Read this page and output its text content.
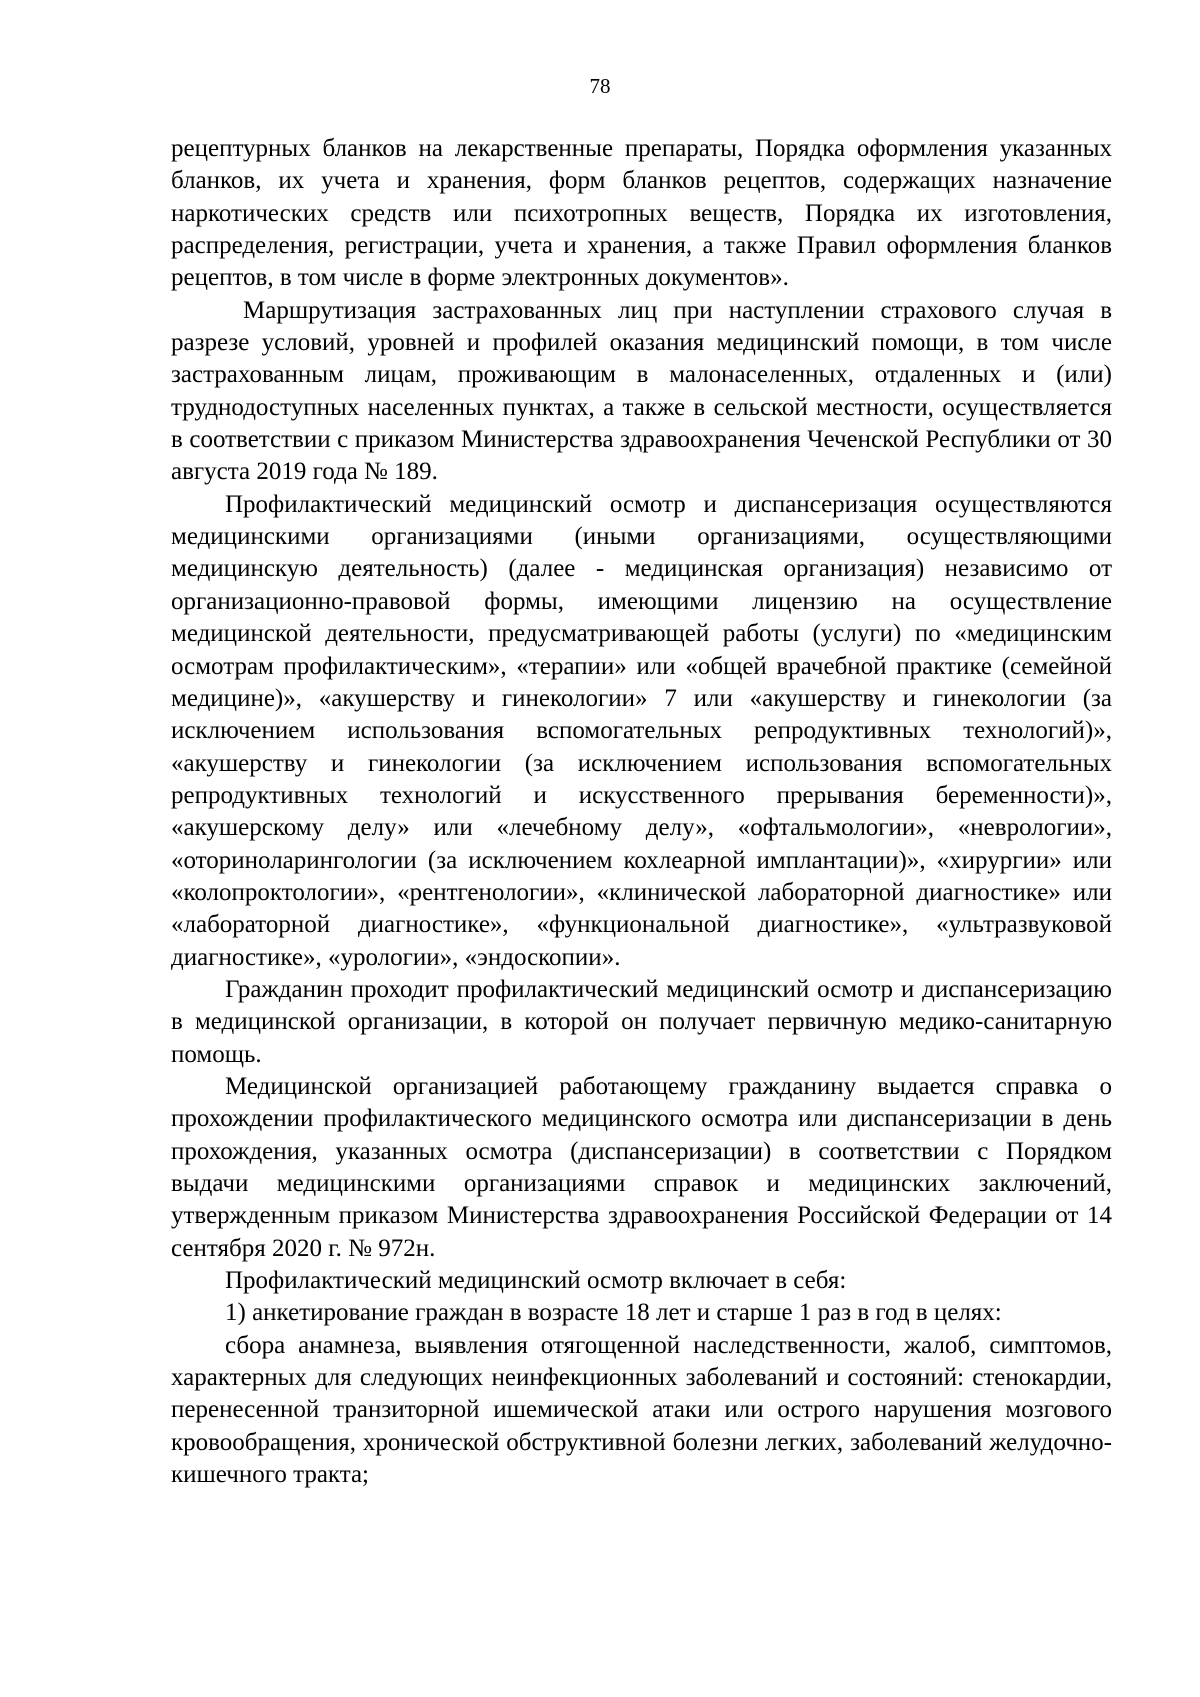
78

рецептурных бланков на лекарственные препараты, Порядка оформления указанных бланков, их учета и хранения, форм бланков рецептов, содержащих назначение наркотических средств или психотропных веществ, Порядка их изготовления, распределения, регистрации, учета и хранения, а также Правил оформления бланков рецептов, в том числе в форме электронных документов».

Маршрутизация застрахованных лиц при наступлении страхового случая в разрезе условий, уровней и профилей оказания медицинский помощи, в том числе застрахованным лицам, проживающим в малонаселенных, отдаленных и (или) труднодоступных населенных пунктах, а также в сельской местности, осуществляется в соответствии с приказом Министерства здравоохранения Чеченской Республики от 30 августа 2019 года № 189.

Профилактический медицинский осмотр и диспансеризация осуществляются медицинскими организациями (иными организациями, осуществляющими медицинскую деятельность) (далее - медицинская организация) независимо от организационно-правовой формы, имеющими лицензию на осуществление медицинской деятельности, предусматривающей работы (услуги) по «медицинским осмотрам профилактическим», «терапии» или «общей врачебной практике (семейной медицине)», «акушерству и гинекологии» 7 или «акушерству и гинекологии (за исключением использования вспомогательных репродуктивных технологий)», «акушерству и гинекологии (за исключением использования вспомогательных репродуктивных технологий и искусственного прерывания беременности)», «акушерскому делу» или «лечебному делу», «офтальмологии», «неврологии», «оториноларингологии (за исключением кохлеарной имплантации)», «хирургии» или «колопроктологии», «рентгенологии», «клинической лабораторной диагностике» или «лабораторной диагностике», «функциональной диагностике», «ультразвуковой диагностике», «урологии», «эндоскопии».

Гражданин проходит профилактический медицинский осмотр и диспансеризацию в медицинской организации, в которой он получает первичную медико-санитарную помощь.

Медицинской организацией работающему гражданину выдается справка о прохождении профилактического медицинского осмотра или диспансеризации в день прохождения, указанных осмотра (диспансеризации) в соответствии с Порядком выдачи медицинскими организациями справок и медицинских заключений, утвержденным приказом Министерства здравоохранения Российской Федерации от 14 сентября 2020 г. № 972н.

Профилактический медицинский осмотр включает в себя:

1) анкетирование граждан в возрасте 18 лет и старше 1 раз в год в целях:

сбора анамнеза, выявления отягощенной наследственности, жалоб, симптомов, характерных для следующих неинфекционных заболеваний и состояний: стенокардии, перенесенной транзиторной ишемической атаки или острого нарушения мозгового кровообращения, хронической обструктивной болезни легких, заболеваний желудочно-кишечного тракта;
